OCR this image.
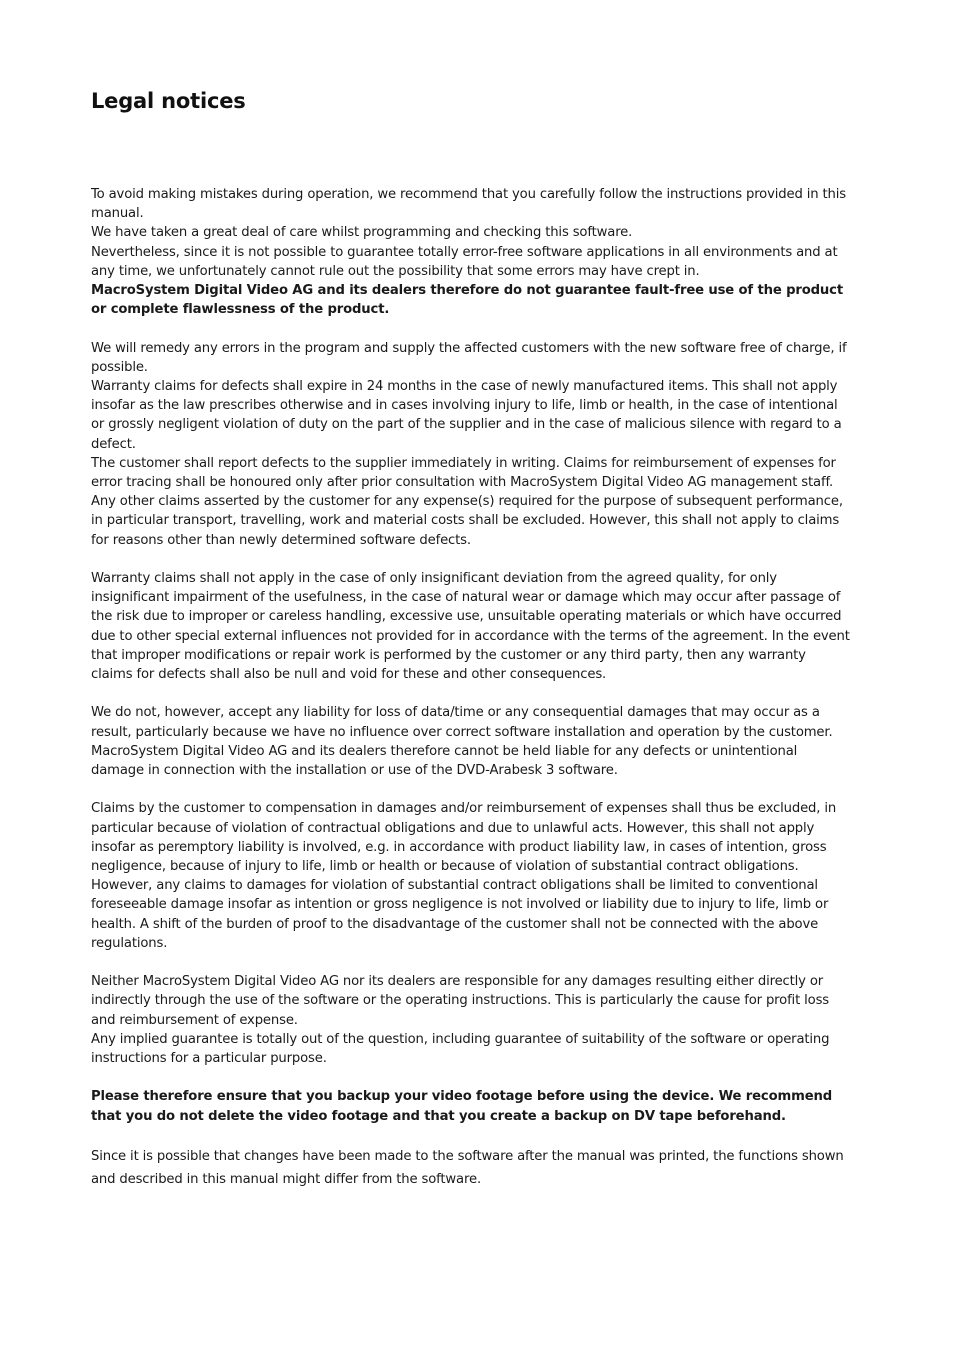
Legal notices

To avoid making mistakes during operation, we recommend that you carefully follow the instructions provided in this manual.

We have taken a great deal of care whilst programming and checking this software.

Nevertheless, since it is not possible to guarantee totally error-free software applications in all environments and at any time, we unfortunately cannot rule out the possibility that some errors may have crept in.

MacroSystem Digital Video AG and its dealers therefore do not guarantee fault-free use of the product or complete flawlessness of the product.

We will remedy any errors in the program and supply the affected customers with the new software free of charge, if possible.

Warranty claims for defects shall expire in 24 months in the case of newly manufactured items. This shall not apply insofar as the law prescribes otherwise and in cases involving injury to life, limb or health, in the case of intentional or grossly negligent violation of duty on the part of the supplier and in the case of malicious silence with regard to a defect.

The customer shall report defects to the supplier immediately in writing. Claims for reimbursement of expenses for error tracing shall be honoured only after prior consultation with MacroSystem Digital Video AG management staff.

Any other claims asserted by the customer for any expense(s) required for the purpose of subsequent performance, in particular transport, travelling, work and material costs shall be excluded. However, this shall not apply to claims for reasons other than newly determined software defects.

Warranty claims shall not apply in the case of only insignificant deviation from the agreed quality, for only insignificant impairment of the usefulness, in the case of natural wear or damage which may occur after passage of the risk due to improper or careless handling, excessive use, unsuitable operating materials or which have occurred due to other special external influences not provided for in accordance with the terms of the agreement. In the event that improper modifications or repair work is performed by the customer or any third party, then any warranty claims for defects shall also be null and void for these and other consequences.

We do not, however, accept any liability for loss of data/time or any consequential damages that may occur as a result, particularly because we have no influence over correct software installation and operation by the customer. MacroSystem Digital Video AG and its dealers therefore cannot be held liable for any defects or unintentional damage in connection with the installation or use of the DVD-Arabesk 3 software.

Claims by the customer to compensation in damages and/or reimbursement of expenses shall thus be excluded, in particular because of violation of contractual obligations and due to unlawful acts. However, this shall not apply insofar as peremptory liability is involved, e.g. in accordance with product liability law, in cases of intention, gross negligence, because of injury to life, limb or health or because of violation of substantial contract obligations. However, any claims to damages for violation of substantial contract obligations shall be limited to conventional foreseeable damage insofar as intention or gross negligence is not involved or liability due to injury to life, limb or health. A shift of the burden of proof to the disadvantage of the customer shall not be connected with the above regulations.

Neither MacroSystem Digital Video AG nor its dealers are responsible for any damages resulting either directly or indirectly through the use of the software or the operating instructions. This is particularly the cause for profit loss and reimbursement of expense.

Any implied guarantee is totally out of the question, including guarantee of suitability of the software or operating instructions for a particular purpose.

Please therefore ensure that you backup your video footage before using the device. We recommend that you do not delete the video footage and that you create a backup on DV tape beforehand.

Since it is possible that changes have been made to the software after the manual was printed, the functions shown and described in this manual might differ from the software.
